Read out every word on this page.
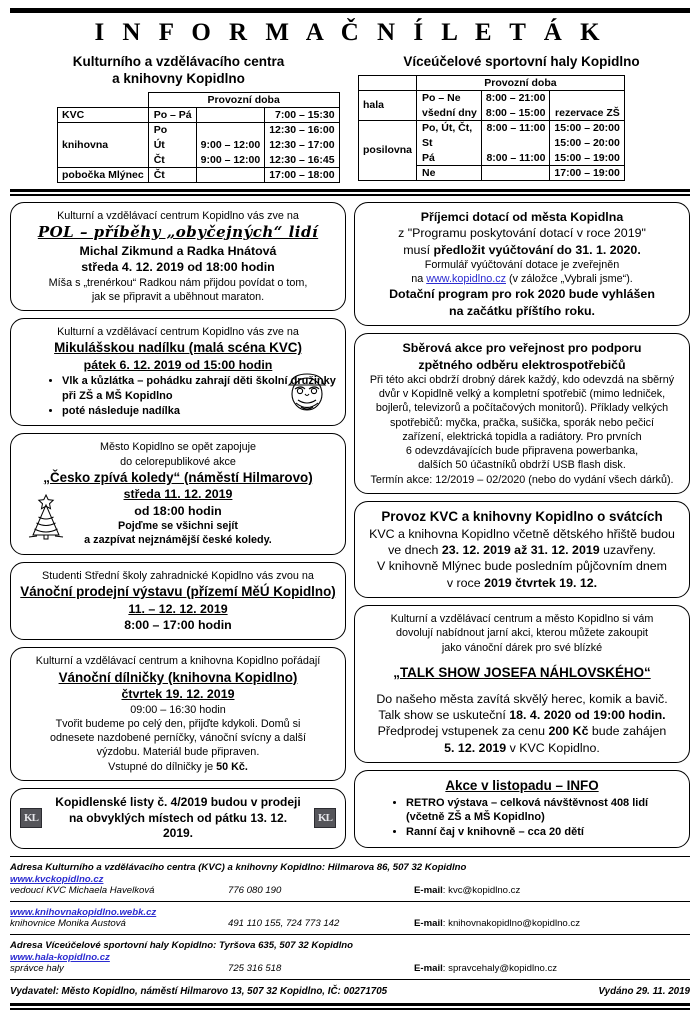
I N F O R M A Č N Í L E T Á K
Kulturního a vzdělávacího centra
a knihovny Kopidlno
	Provozní doba		
KVC	Po – Pá		7:00 – 15:30
knihovna	Po		12:30 – 16:00
	Út	9:00 – 12:00	12:30 – 17:00
	Čt	9:00 – 12:00	12:30 – 16:45
pobočka Mlýnec	Čt		17:00 – 18:00
Víceúčelové sportovní haly Kopidlno
	Provozní doba		
hala	Po – Ne	8:00 – 21:00	
	všední dny	8:00 – 15:00	rezervace ZŠ
posilovna	Po, Út, Čt,	8:00 – 11:00	15:00 – 20:00
	St		15:00 – 20:00
	Pá	8:00 – 11:00	15:00 – 19:00
	Ne		17:00 – 19:00

Kulturní a vzdělávací centrum Kopidlno vás zve na

POL – příběhy „obyčejných“ lidí

Michal Zikmund a Radka Hnátová

středa 4. 12. 2019 od 18:00 hodin

Míša s „trenérkou“ Radkou nám přijdou povídat o tom,

jak se připravit a uběhnout maraton.

Kulturní a vzdělávací centrum Kopidlno vás zve na

Mikulášskou nadílku (malá scéna KVC)

pátek 6. 12. 2019 od 15:00 hodin

• Vlk a kůzlátka – pohádku zahrají děti školní družinky při ZŠ a MŠ Kopidlno
• poté následuje nadílka

Město Kopidlno se opět zapojuje

do celorepublikové akce

„Česko zpívá koledy“ (náměstí Hilmarovo)

středa 11. 12. 2019

od 18:00 hodin

Pojďme se všichni sejít

a zazpívat nejznámější české koledy.

Studenti Střední školy zahradnické Kopidlno vás zvou na

Vánoční prodejní výstavu (přízemí MěÚ Kopidlno)

11. – 12. 12. 2019

8:00 – 17:00 hodin

Kulturní a vzdělávací centrum a knihovna Kopidlno pořádají

Vánoční dílničky (knihovna Kopidlno)

čtvrtek 19. 12. 2019

09:00 – 16:30 hodin

Tvořit budeme po celý den, přijďte kdykoli. Domů si

odnesete nazdobené perníčky, vánoční svícny a další

výzdobu. Materiál bude připraven.

Vstupné do dílničky je 50 Kč.

KL
Kopidlenské listy č. 4/2019 budou v prodeji
na obvyklých místech od pátku 13. 12. 2019.
KL

Příjemci dotací od města Kopidlna

z "Programu poskytování dotací v roce 2019"

musí předložit vyúčtování do 31. 1. 2020.

Formulář vyúčtování dotace je zveřejněn

na www.kopidlno.cz (v záložce „Vybrali jsme“).

Dotační program pro rok 2020 bude vyhlášen

na začátku příštího roku.

Sběrová akce pro veřejnost pro podporu

zpětného odběru elektrospotřebičů

Při této akci obdrží drobný dárek každý, kdo odevzdá na sběrný

dvůr v Kopidlně velký a kompletní spotřebič (mimo ledniček,

bojlerů, televizorů a počítačových monitorů). Příklady velkých

spotřebičů: myčka, pračka, sušička, sporák nebo pečicí

zařízení, elektrická topidla a radiátory. Pro prvních

6 odevzdávajících bude připravena powerbanka,

dalších 50 účastníků obdrží USB flash disk.

Termín akce: 12/2019 – 02/2020 (nebo do vydání všech dárků).

Provoz KVC a knihovny Kopidlno o svátcích

KVC a knihovna Kopidlno včetně dětského hřiště budou

ve dnech 23. 12. 2019 až 31. 12. 2019 uzavřeny.

V knihovně Mlýnec bude posledním půjčovním dnem

v roce 2019 čtvrtek 19. 12.

Kulturní a vzdělávací centrum a město Kopidlno si vám

dovolují nabídnout jarní akci, kterou můžete zakoupit

jako vánoční dárek pro své blízké

„TALK SHOW JOSEFA NÁHLOVSKÉHO“

Do našeho města zavítá skvělý herec, komik a bavič.

Talk show se uskuteční 18. 4. 2020 od 19:00 hodin.

Předprodej vstupenek za cenu 200 Kč bude zahájen

5. 12. 2019 v KVC Kopidlno.

Akce v listopadu – INFO

• RETRO výstava – celková návštěvnost 408 lidí (včetně ZŠ a MŠ Kopidlno)
• Ranní čaj v knihovně – cca 20 dětí
Adresa Kulturního a vzdělávacího centra (KVC) a knihovny Kopidlno: Hilmarova 86, 507 32 Kopidlno
www.kvckopidlno.cz
vedoucí KVC Michaela Havelková	776 080 190	E-mail: kvc@kopidlno.cz
www.knihovnakopidlno.webk.cz
knihovnice Monika Austová	491 110 155, 724 773 142	E-mail: knihovnakopidlno@kopidlno.cz
Adresa Víceúčelové sportovní haly Kopidlno: Tyršova 635, 507 32 Kopidlno
www.hala-kopidlno.cz
správce haly	725 316 518	E-mail: spravcehaly@kopidlno.cz
Vydavatel: Město Kopidlno, náměstí Hilmarovo 13, 507 32 Kopidlno, IČ: 00271705	Vydáno 29. 11. 2019
